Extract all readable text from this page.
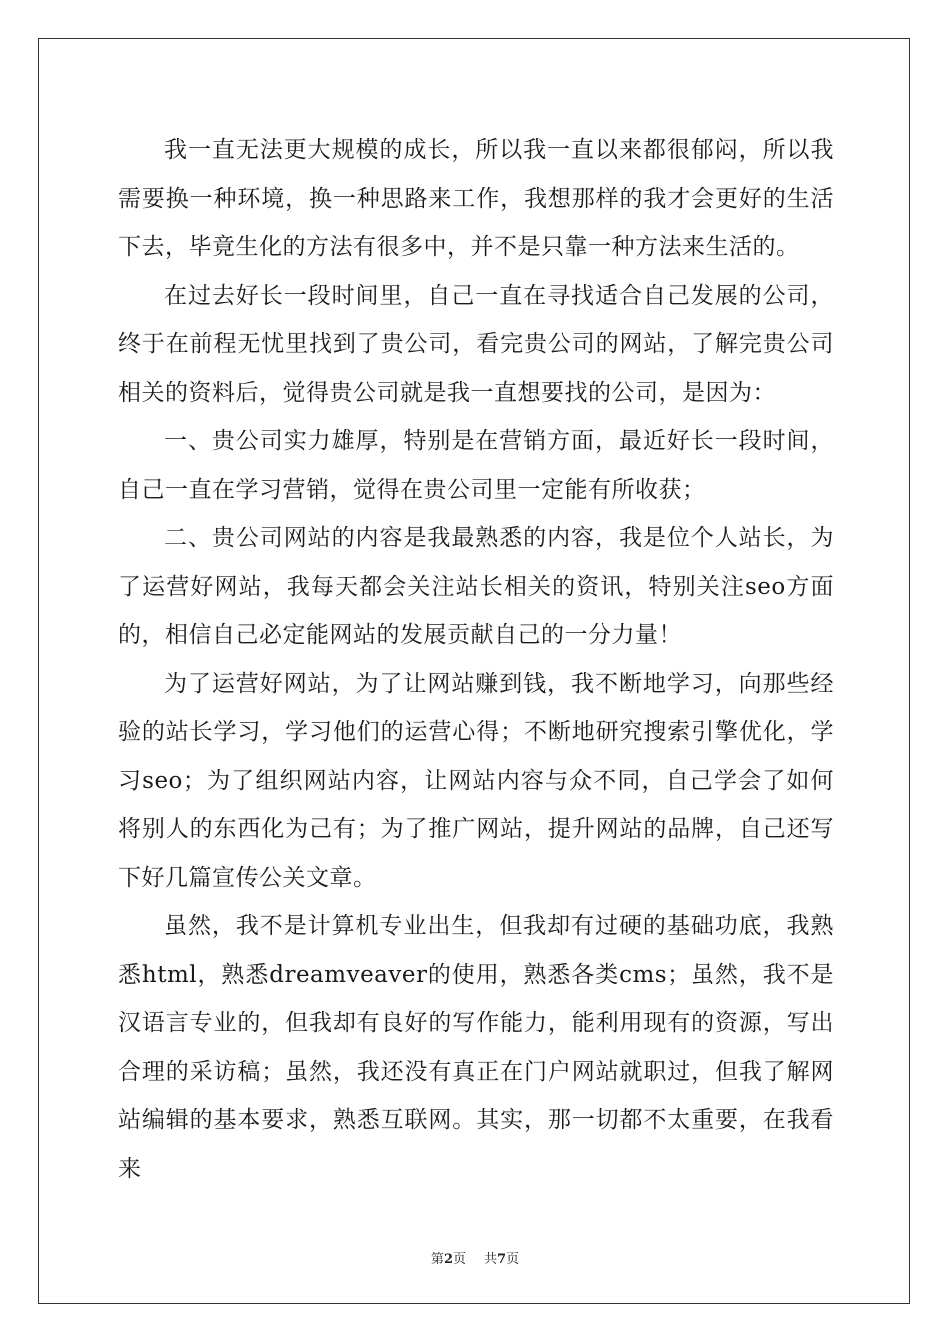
我一直无法更大规模的成长，所以我一直以来都很郁闷，所以我需要换一种环境，换一种思路来工作，我想那样的我才会更好的生活下去，毕竟生化的方法有很多中，并不是只靠一种方法来生活的。

在过去好长一段时间里，自己一直在寻找适合自己发展的公司，终于在前程无忧里找到了贵公司，看完贵公司的网站，了解完贵公司相关的资料后，觉得贵公司就是我一直想要找的公司，是因为：

一、贵公司实力雄厚，特别是在营销方面，最近好长一段时间，自己一直在学习营销，觉得在贵公司里一定能有所收获；

二、贵公司网站的内容是我最熟悉的内容，我是位个人站长，为了运营好网站，我每天都会关注站长相关的资讯，特别关注seo方面的，相信自己必定能网站的发展贡献自己的一分力量！

为了运营好网站，为了让网站赚到钱，我不断地学习，向那些经验的站长学习，学习他们的运营心得；不断地研究搜索引擎优化，学习seo；为了组织网站内容，让网站内容与众不同，自己学会了如何将别人的东西化为己有；为了推广网站，提升网站的品牌，自己还写下好几篇宣传公关文章。

虽然，我不是计算机专业出生，但我却有过硬的基础功底，我熟悉html，熟悉dreamveaver的使用，熟悉各类cms；虽然，我不是汉语言专业的，但我却有良好的写作能力，能利用现有的资源，写出合理的采访稿；虽然，我还没有真正在门户网站就职过，但我了解网站编辑的基本要求，熟悉互联网。其实，那一切都不太重要，在我看来

第2页 共7页
